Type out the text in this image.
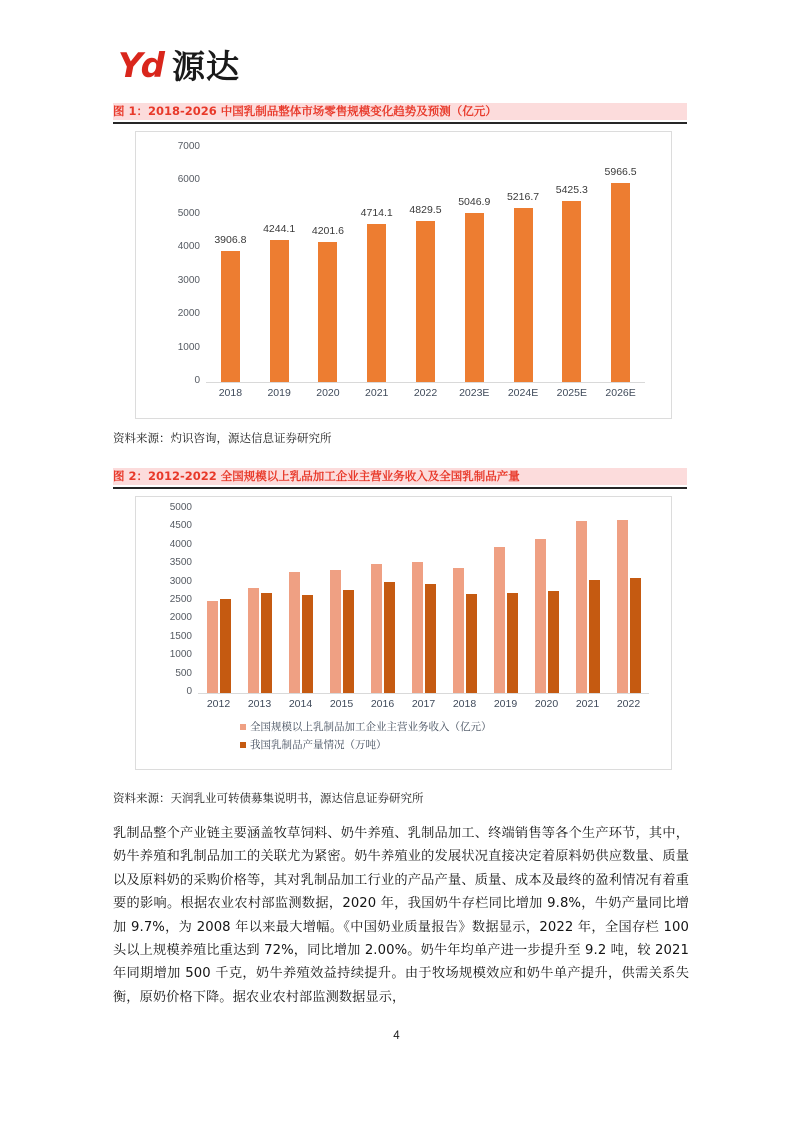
Yd 源达
图 1：2018-2026 中国乳制品整体市场零售规模变化趋势及预测（亿元）
0
1000
2000
3000
4000
5000
6000
7000
2018
3906.8
2019
4244.1
2020
4201.6
2021
4714.1
2022
4829.5
2023E
5046.9
2024E
5216.7
2025E
5425.3
2026E
5966.5
资料来源：灼识咨询，源达信息证券研究所
图 2：2012-2022 全国规模以上乳品加工企业主营业务收入及全国乳制品产量
0
500
1000
1500
2000
2500
3000
3500
4000
4500
5000
2012	2013	2014	2015	2016	2017	2018	2019	2020	2021	2022
全国规模以上乳制品加工企业主营业务收入（亿元）
我国乳制品产量情况（万吨）
资料来源：天润乳业可转债募集说明书，源达信息证券研究所
乳制品整个产业链主要涵盖牧草饲料、奶牛养殖、乳制品加工、终端销售等各个生产环节，其中，奶牛养殖和乳制品加工的关联尤为紧密。奶牛养殖业的发展状况直接决定着原料奶供应数量、质量以及原料奶的采购价格等，其对乳制品加工行业的产品产量、质量、成本及最终的盈利情况有着重要的影响。根据农业农村部监测数据，2020 年，我国奶牛存栏同比增加 9.8%，牛奶产量同比增加 9.7%，为 2008 年以来最大增幅。《中国奶业质量报告》数据显示，2022 年，全国存栏 100 头以上规模养殖比重达到 72%，同比增加 2.00%。奶牛年均单产进一步提升至 9.2 吨，较 2021 年同期增加 500 千克，奶牛养殖效益持续提升。由于牧场规模效应和奶牛单产提升，供需关系失衡，原奶价格下降。据农业农村部监测数据显示，
4
